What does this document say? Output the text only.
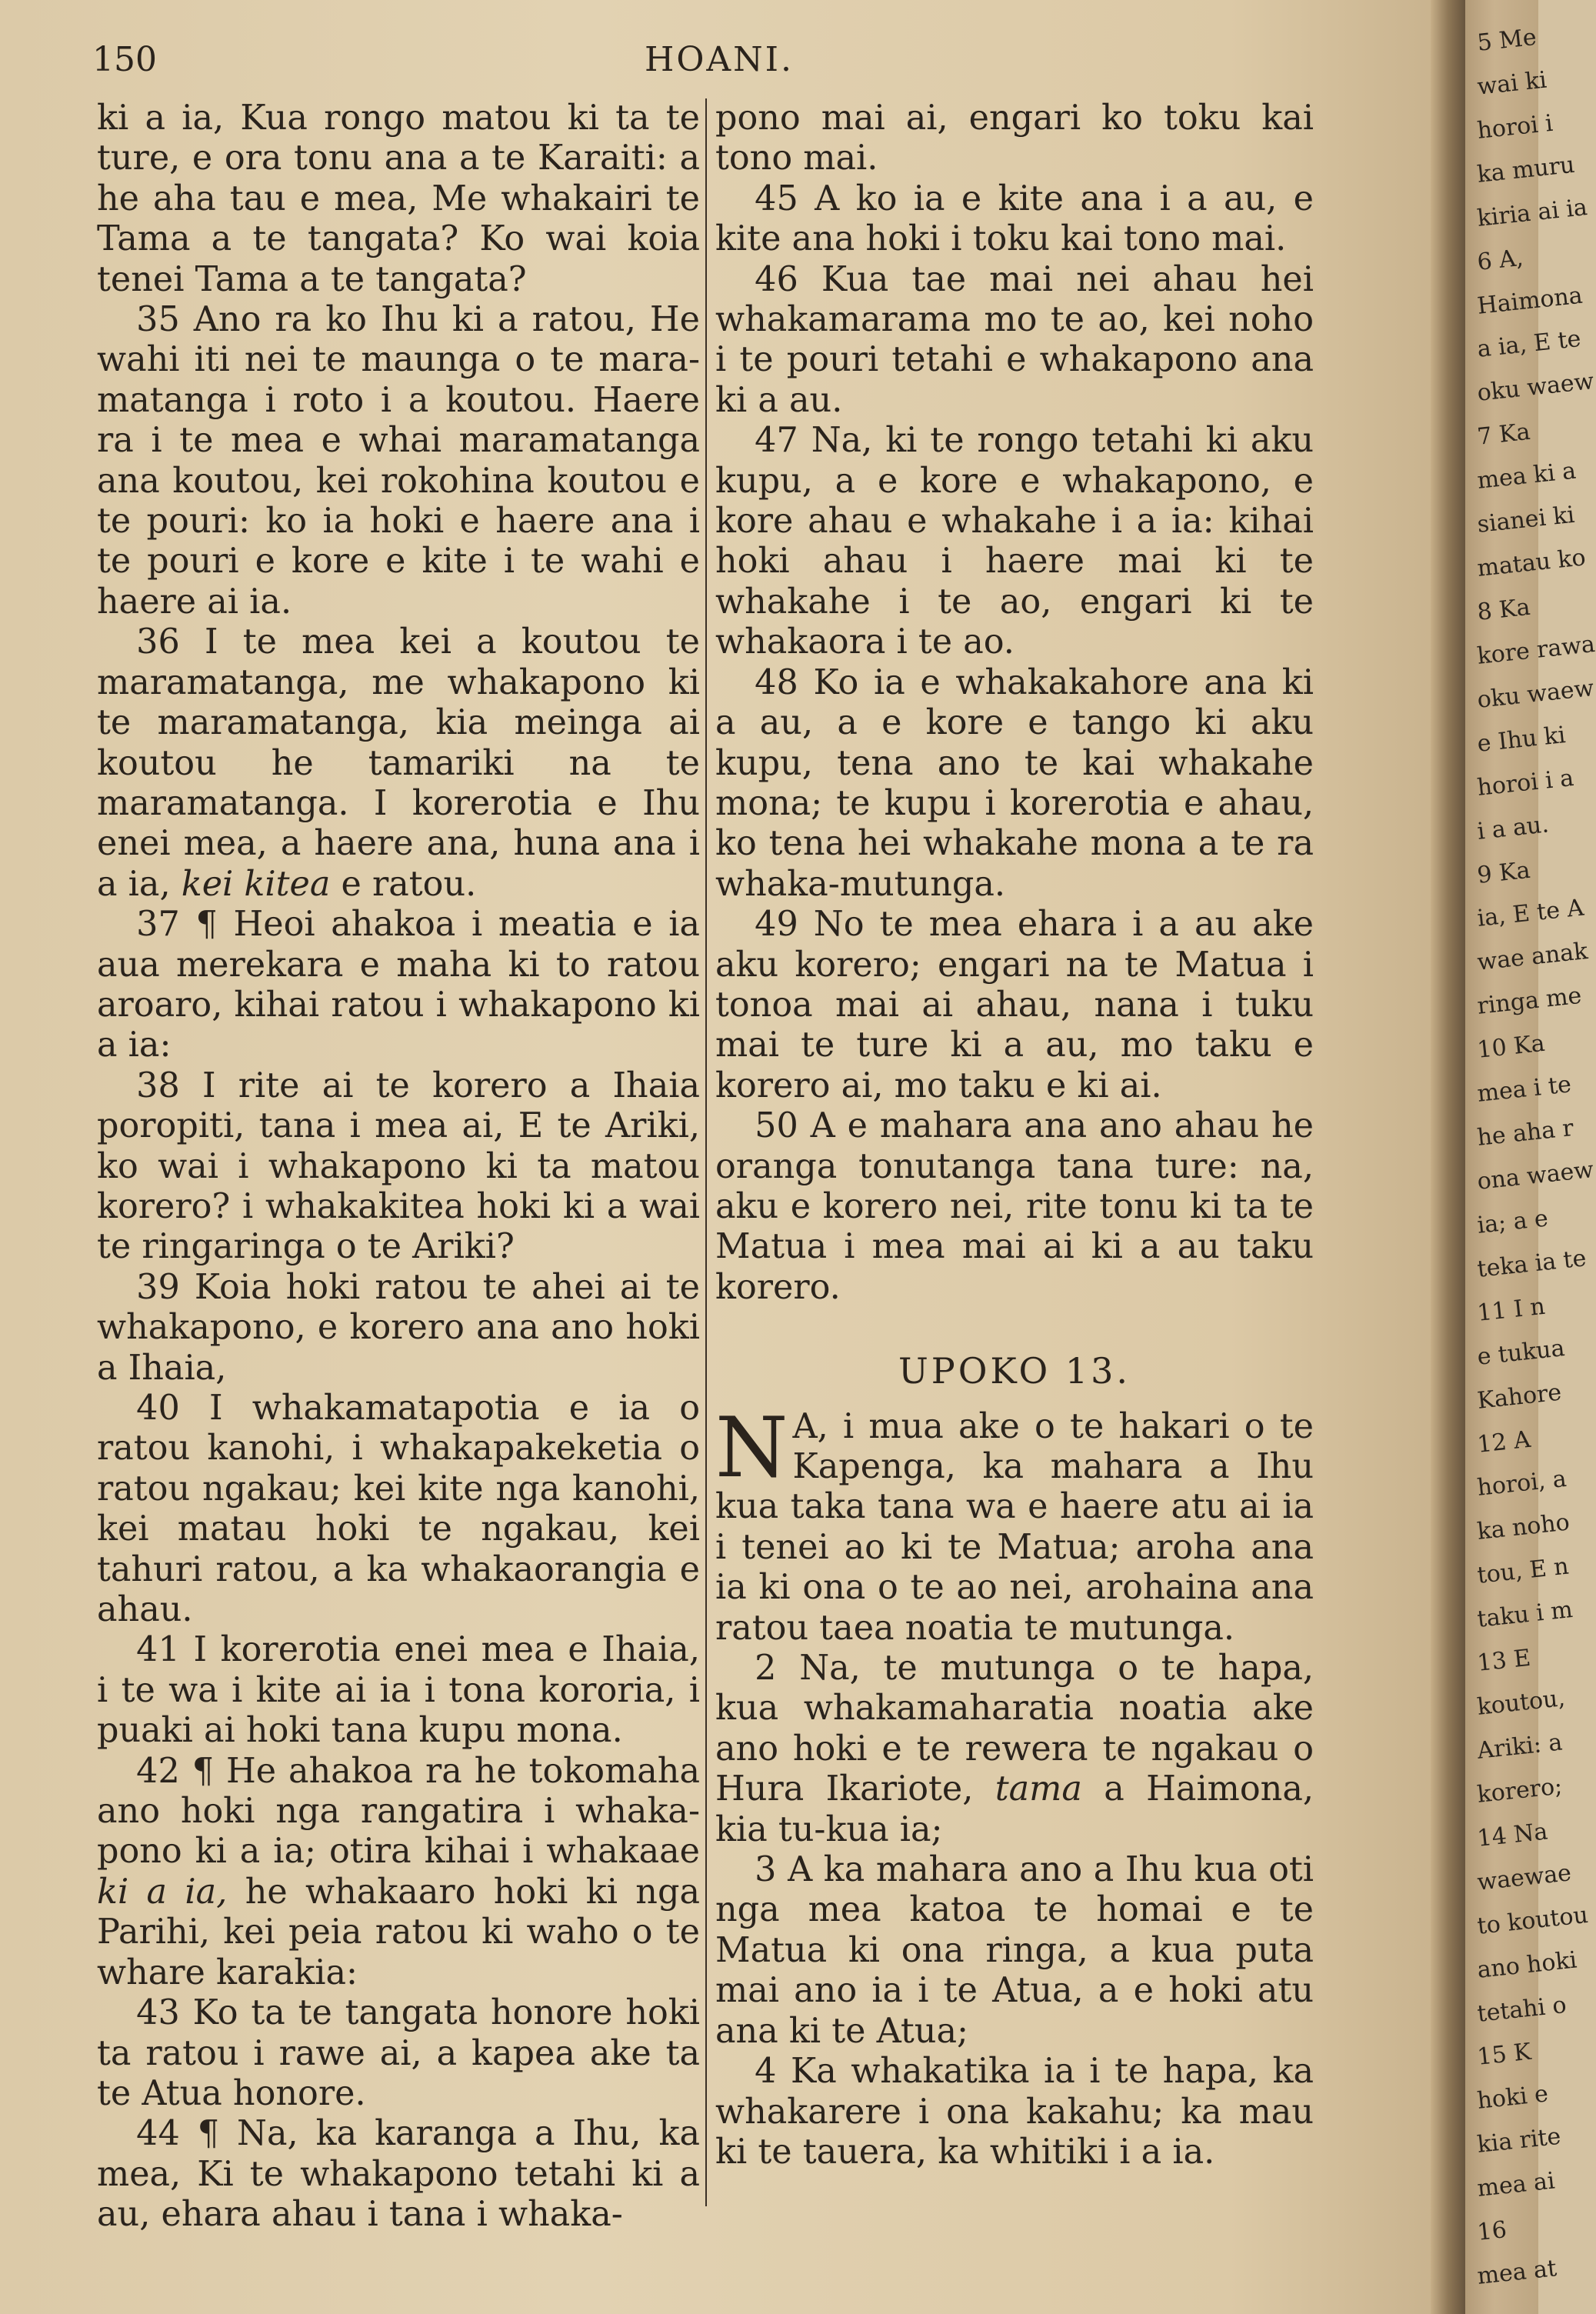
150	HOANI.

ki a ia, Kua rongo matou ki ta te ture, e ora tonu ana a te Karaiti: a he aha tau e mea, Me whakairi te Tama a te tangata? Ko wai koia tenei Tama a te tangata?

35 Ano ra ko Ihu ki a ratou, He wahi iti nei te maunga o te mara-matanga i roto i a koutou. Haere ra i te mea e whai maramatanga ana koutou, kei rokohina koutou e te pouri: ko ia hoki e haere ana i te pouri e kore e kite i te wahi e haere ai ia.

36 I te mea kei a koutou te maramatanga, me whakapono ki te maramatanga, kia meinga ai koutou he tamariki na te maramatanga. I korerotia e Ihu enei mea, a haere ana, huna ana i a ia, kei kitea e ratou.

37 ¶ Heoi ahakoa i meatia e ia aua merekara e maha ki to ratou aroaro, kihai ratou i whakapono ki a ia:

38 I rite ai te korero a Ihaia poropiti, tana i mea ai, E te Ariki, ko wai i whakapono ki ta matou korero? i whakakitea hoki ki a wai te ringaringa o te Ariki?

39 Koia hoki ratou te ahei ai te whakapono, e korero ana ano hoki a Ihaia,

40 I whakamatapotia e ia o ratou kanohi, i whakapakeketia o ratou ngakau; kei kite nga kanohi, kei matau hoki te ngakau, kei tahuri ratou, a ka whakaorangia e ahau.

41 I korerotia enei mea e Ihaia, i te wa i kite ai ia i tona kororia, i puaki ai hoki tana kupu mona.

42 ¶ He ahakoa ra he tokomaha ano hoki nga rangatira i whaka-pono ki a ia; otira kihai i whakaae ki a ia, he whakaaro hoki ki nga Parihi, kei peia ratou ki waho o te whare karakia:

43 Ko ta te tangata honore hoki ta ratou i rawe ai, a kapea ake ta te Atua honore.

44 ¶ Na, ka karanga a Ihu, ka mea, Ki te whakapono tetahi ki a au, ehara ahau i tana i whaka-

pono mai ai, engari ko toku kai tono mai.

45 A ko ia e kite ana i a au, e kite ana hoki i toku kai tono mai.

46 Kua tae mai nei ahau hei whakamarama mo te ao, kei noho i te pouri tetahi e whakapono ana ki a au.

47 Na, ki te rongo tetahi ki aku kupu, a e kore e whakapono, e kore ahau e whakahe i a ia: kihai hoki ahau i haere mai ki te whakahe i te ao, engari ki te whakaora i te ao.

48 Ko ia e whakakahore ana ki a au, a e kore e tango ki aku kupu, tena ano te kai whakahe mona; te kupu i korerotia e ahau, ko tena hei whakahe mona a te ra whaka-mutunga.

49 No te mea ehara i a au ake aku korero; engari na te Matua i tonoa mai ai ahau, nana i tuku mai te ture ki a au, mo taku e korero ai, mo taku e ki ai.

50 A e mahara ana ano ahau he oranga tonutanga tana ture: na, aku e korero nei, rite tonu ki ta te Matua i mea mai ai ki a au taku korero.

UPOKO 13.

N A, i mua ake o te hakari o te Kapenga, ka mahara a Ihu kua taka tana wa e haere atu ai ia i tenei ao ki te Matua; aroha ana ia ki ona o te ao nei, arohaina ana ratou taea noatia te mutunga.

2 Na, te mutunga o te hapa, kua whakamaharatia noatia ake ano hoki e te rewera te ngakau o Hura Ikariote, tama a Haimona, kia tu-kua ia;

3 A ka mahara ano a Ihu kua oti nga mea katoa te homai e te Matua ki ona ringa, a kua puta mai ano ia i te Atua, a e hoki atu ana ki te Atua;

4 Ka whakatika ia i te hapa, ka whakarere i ona kakahu; ka mau ki te tauera, ka whitiki i a ia.

5 Me
wai ki
horoi i
ka muru
kiria ai ia
6 A,
Haimona
a ia, E te
oku waew
7 Ka
mea ki a
sianei ki
matau ko
8 Ka
kore rawa
oku waew
e Ihu ki
horoi i a
i a au.
9 Ka
ia, E te A
wae anak
ringa me
10 Ka
mea i te
he aha r
ona waew
ia; a e
teka ia te
11 I n
e tukua
Kahore
12 A
horoi, a
ka noho
tou, E n
taku i m
13 E
koutou,
Ariki: a
korero;
14 Na
waewae
to koutou
ano hoki
tetahi o
15 K
hoki e
kia rite
mea ai
16
mea at
